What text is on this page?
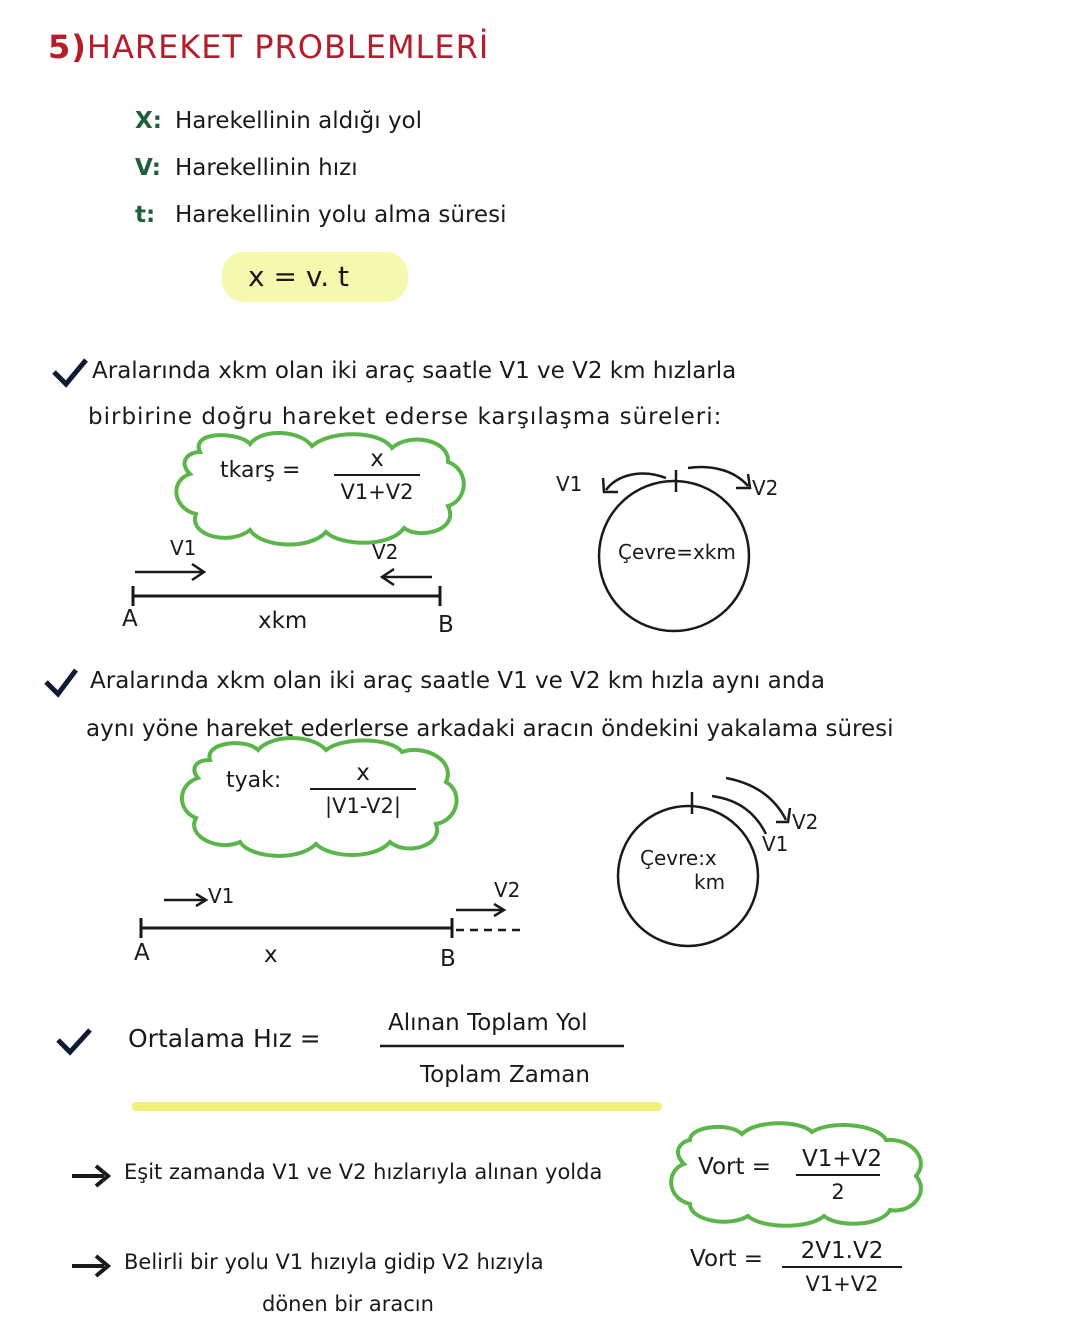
5)HAREKET PROBLEMLERİ
X: Harekellinin aldığı yol
V: Harekellinin hızı
t: Harekellinin yolu alma süresi
x = v. t
Aralarında xkm olan iki araç saatle V1 ve V2 km hızlarla
birbirine doğru hareket ederse karşılaşma süreleri:
tkarş = $\frac{x}{V1+V2}$
V1	V2
A	B
xkm
V1	V2
Çevre=xkm
Aralarında xkm olan iki araç saatle V1 ve V2 km hızla aynı anda
aynı yöne hareket ederlerse arkadaki aracın öndekini yakalama süresi
tyak: $\frac{x}{|V1-V2|}$
V1	V2
A	B
x
V1
V2
Çevre:x
km
Ortalama Hız =
Alınan Toplam Yol
Toplam Zaman
Eşit zamanda V1 ve V2 hızlarıyla alınan yolda	Vort = $\frac{V1+V2}{2}$
Belirli bir yolu V1 hızıyla gidip V2 hızıyla
dönen bir aracın
Vort = $\frac{2V1.V2}{V1+V2}$
